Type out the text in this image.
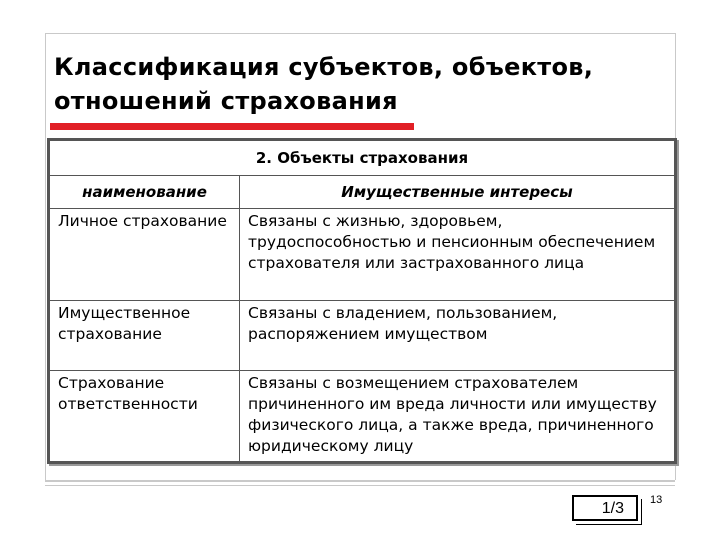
Классификация субъектов, объектов,
отношений страхования
2. Объекты страхования	
наименование	Имущественные интересы
Личное страхование	Связаны с жизнью, здоровьем, трудоспособностью и пенсионным обеспечением страхователя или застрахованного лица
Имущественное страхование	Связаны с владением, пользованием, распоряжением имуществом
Страхование ответственности	Связаны с возмещением страхователем причиненного им вреда личности или имуществу физического лица, а также вреда, причиненного юридическому лицу
1/3	13
